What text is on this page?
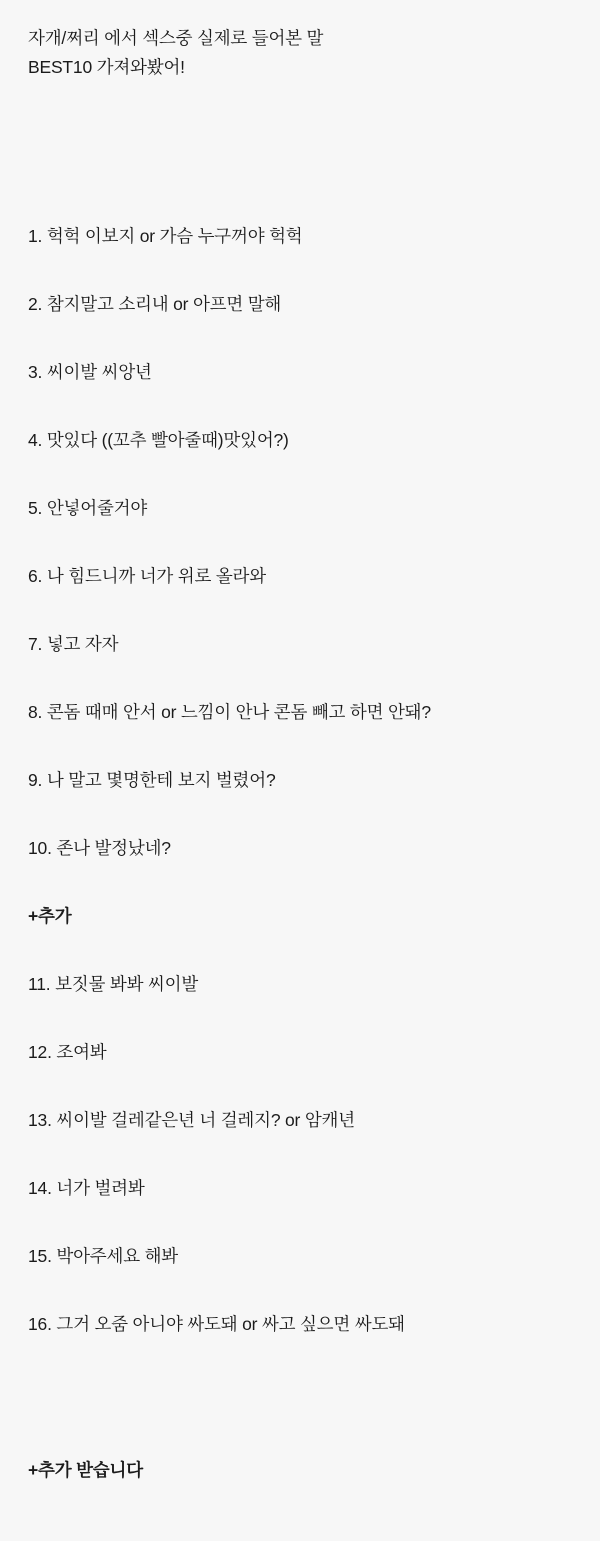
자개/쩌리 에서 섹스중 실제로 들어본 말
BEST10 가져와봤어!
1. 헉헉 이보지 or 가슴 누구꺼야 헉헉
2. 참지말고 소리내 or 아프면 말해
3. 씨이발 씨앙년
4. 맛있다 ((꼬추 빨아줄때)맛있어?)
5. 안넣어줄거야
6. 나 힘드니까 너가 위로 올라와
7. 넣고 자자
8. 콘돔 때매 안서 or 느낌이 안나 콘돔 빼고 하면 안돼?
9. 나 말고 몇명한테 보지 벌렸어?
10. 존나 발정났네?
+추가
11. 보짓물 봐봐 씨이발
12. 조여봐
13. 씨이발 걸레같은년 너 걸레지? or 암캐년
14. 너가 벌려봐
15. 박아주세요 해봐
16. 그거 오줌 아니야 싸도돼 or 싸고 싶으면 싸도돼
+추가 받습니다
